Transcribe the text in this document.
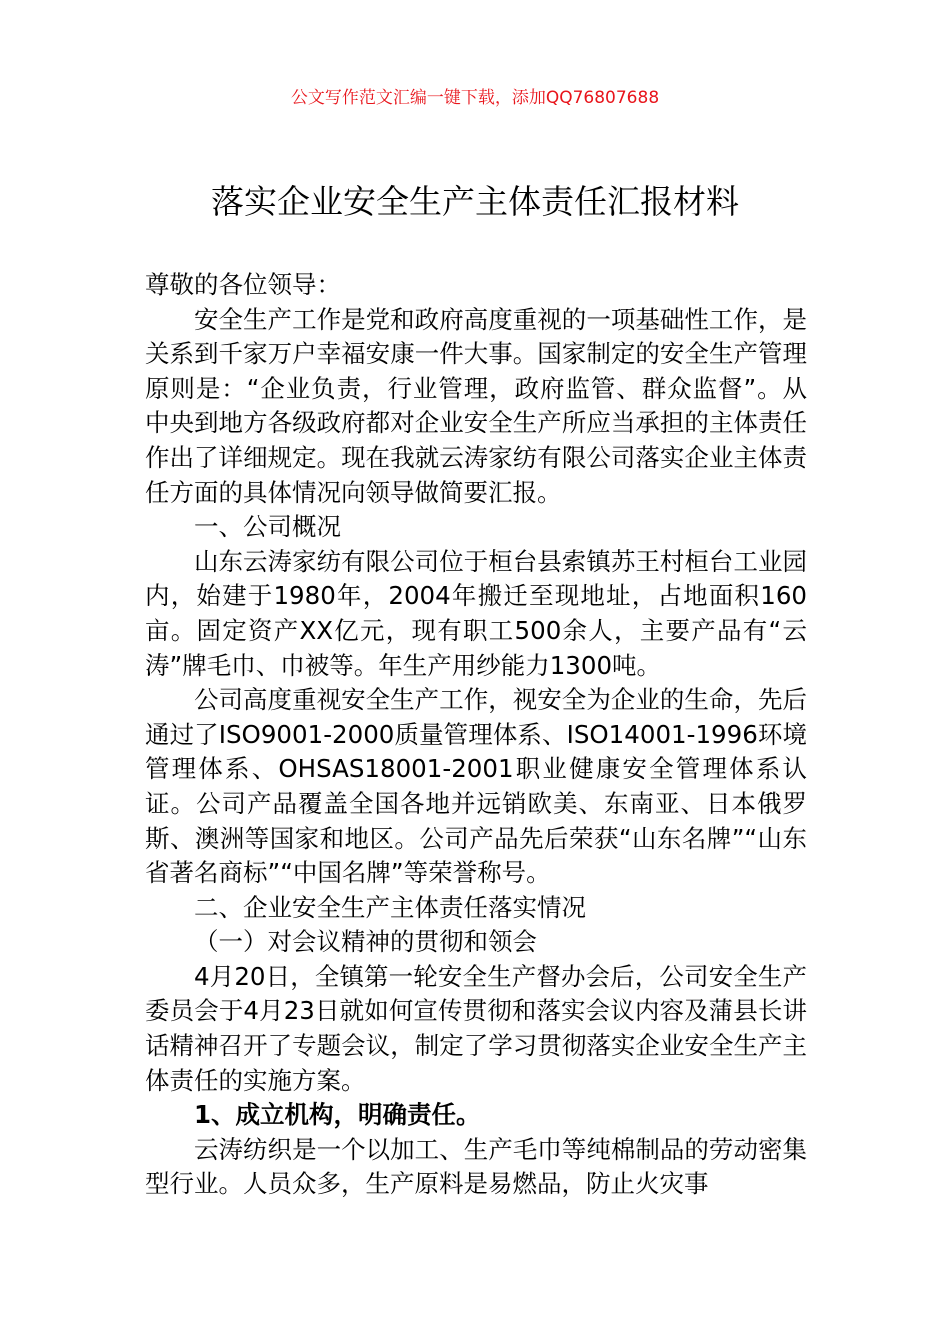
公文写作范文汇编一键下载，添加QQ76807688
落实企业安全生产主体责任汇报材料

尊敬的各位领导：

安全生产工作是党和政府高度重视的一项基础性工作，是关系到千家万户幸福安康一件大事。国家制定的安全生产管理原则是：“企业负责，行业管理，政府监管、群众监督”。从中央到地方各级政府都对企业安全生产所应当承担的主体责任作出了详细规定。现在我就云涛家纺有限公司落实企业主体责任方面的具体情况向领导做简要汇报。

一、公司概况

山东云涛家纺有限公司位于桓台县索镇苏王村桓台工业园内，始建于1980年，2004年搬迁至现地址，占地面积160亩。固定资产XX亿元，现有职工500余人，主要产品有“云涛”牌毛巾、巾被等。年生产用纱能力1300吨。

公司高度重视安全生产工作，视安全为企业的生命，先后通过了ISO9001-2000质量管理体系、ISO14001-1996环境管理体系、OHSAS18001-2001职业健康安全管理体系认证。公司产品覆盖全国各地并远销欧美、东南亚、日本俄罗斯、澳洲等国家和地区。公司产品先后荣获“山东名牌”“山东省著名商标”“中国名牌”等荣誉称号。

二、企业安全生产主体责任落实情况

（一）对会议精神的贯彻和领会

4月20日，全镇第一轮安全生产督办会后，公司安全生产委员会于4月23日就如何宣传贯彻和落实会议内容及蒲县长讲话精神召开了专题会议，制定了学习贯彻落实企业安全生产主体责任的实施方案。

1、成立机构，明确责任。

云涛纺织是一个以加工、生产毛巾等纯棉制品的劳动密集型行业。人员众多，生产原料是易燃品，防止火灾事
